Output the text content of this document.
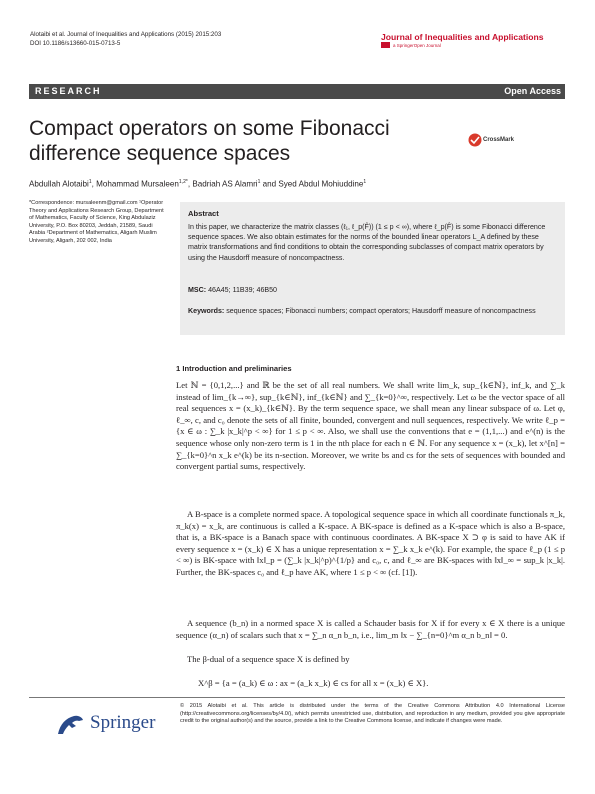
Alotaibi et al. Journal of Inequalities and Applications (2015) 2015:203
DOI 10.1186/s13660-015-0713-5
Journal of Inequalities and Applications
a SpringerOpen Journal
RESEARCH	Open Access
Compact operators on some Fibonacci difference sequence spaces
CrossMark
Abdullah Alotaibi$^1$, Mohammad Mursaleen$^{1,2*}$, Badriah AS Alamri$^1$ and Syed Abdul Mohiuddine$^1$
*Correspondence: mursaleenm@gmail.com ¹Operator Theory and Applications Research Group, Department of Mathematics, Faculty of Science, King Abdulaziz University, P.O. Box 80203, Jeddah, 21589, Saudi Arabia ²Department of Mathematics, Aligarh Muslim University, Aligarh, 202 002, India
Abstract
In this paper, we characterize the matrix classes (ℓ₁, ℓ_p(F̂)) (1 ≤ p < ∞), where ℓ_p(F̂) is some Fibonacci difference sequence spaces. We also obtain estimates for the norms of the bounded linear operators L_A defined by these matrix transformations and find conditions to obtain the corresponding subclasses of compact matrix operators by using the Hausdorff measure of noncompactness.
MSC: 46A45; 11B39; 46B50
Keywords: sequence spaces; Fibonacci numbers; compact operators; Hausdorff measure of noncompactness
1 Introduction and preliminaries
Let ℕ = {0,1,2,...} and ℝ be the set of all real numbers. We shall write lim_k, sup_{k∈ℕ}, inf_k, and ∑_k instead of lim_{k→∞}, sup_{k∈ℕ}, inf_{k∈ℕ} and ∑_{k=0}^∞, respectively. Let ω be the vector space of all real sequences x = (x_k)_{k∈ℕ}. By the term sequence space, we shall mean any linear subspace of ω. Let φ, ℓ_∞, c, and c₀ denote the sets of all finite, bounded, convergent and null sequences, respectively. We write ℓ_p = {x ∈ ω : ∑_k |x_k|^p < ∞} for 1 ≤ p < ∞. Also, we shall use the conventions that e = (1,1,...) and e^(n) is the sequence whose only non-zero term is 1 in the nth place for each n ∈ ℕ. For any sequence x = (x_k), let x^[n] = ∑_{k=0}^n x_k e^(k) be its n-section. Moreover, we write bs and cs for the sets of sequences with bounded and convergent partial sums, respectively.
A B-space is a complete normed space. A topological sequence space in which all coordinate functionals π_k, π_k(x) = x_k, are continuous is called a K-space. A BK-space is defined as a K-space which is also a B-space, that is, a BK-space is a Banach space with continuous coordinates. A BK-space X ⊃ φ is said to have AK if every sequence x = (x_k) ∈ X has a unique representation x = ∑_k x_k e^(k). For example, the space ℓ_p (1 ≤ p < ∞) is BK-space with ‖x‖_p = (∑_k |x_k|^p)^{1/p} and c₀, c, and ℓ_∞ are BK-spaces with ‖x‖_∞ = sup_k |x_k|. Further, the BK-spaces c₀ and ℓ_p have AK, where 1 ≤ p < ∞ (cf. [1]).
A sequence (b_n) in a normed space X is called a Schauder basis for X if for every x ∈ X there is a unique sequence (α_n) of scalars such that x = ∑_n α_n b_n, i.e., lim_m ‖x − ∑_{n=0}^m α_n b_n‖ = 0.
The β-dual of a sequence space X is defined by
X^β = {a = (a_k) ∈ ω : ax = (a_k x_k) ∈ cs for all x = (x_k) ∈ X}.
Springer
© 2015 Alotaibi et al. This article is distributed under the terms of the Creative Commons Attribution 4.0 International License (http://creativecommons.org/licenses/by/4.0/), which permits unrestricted use, distribution, and reproduction in any medium, provided you give appropriate credit to the original author(s) and the source, provide a link to the Creative Commons license, and indicate if changes were made.
